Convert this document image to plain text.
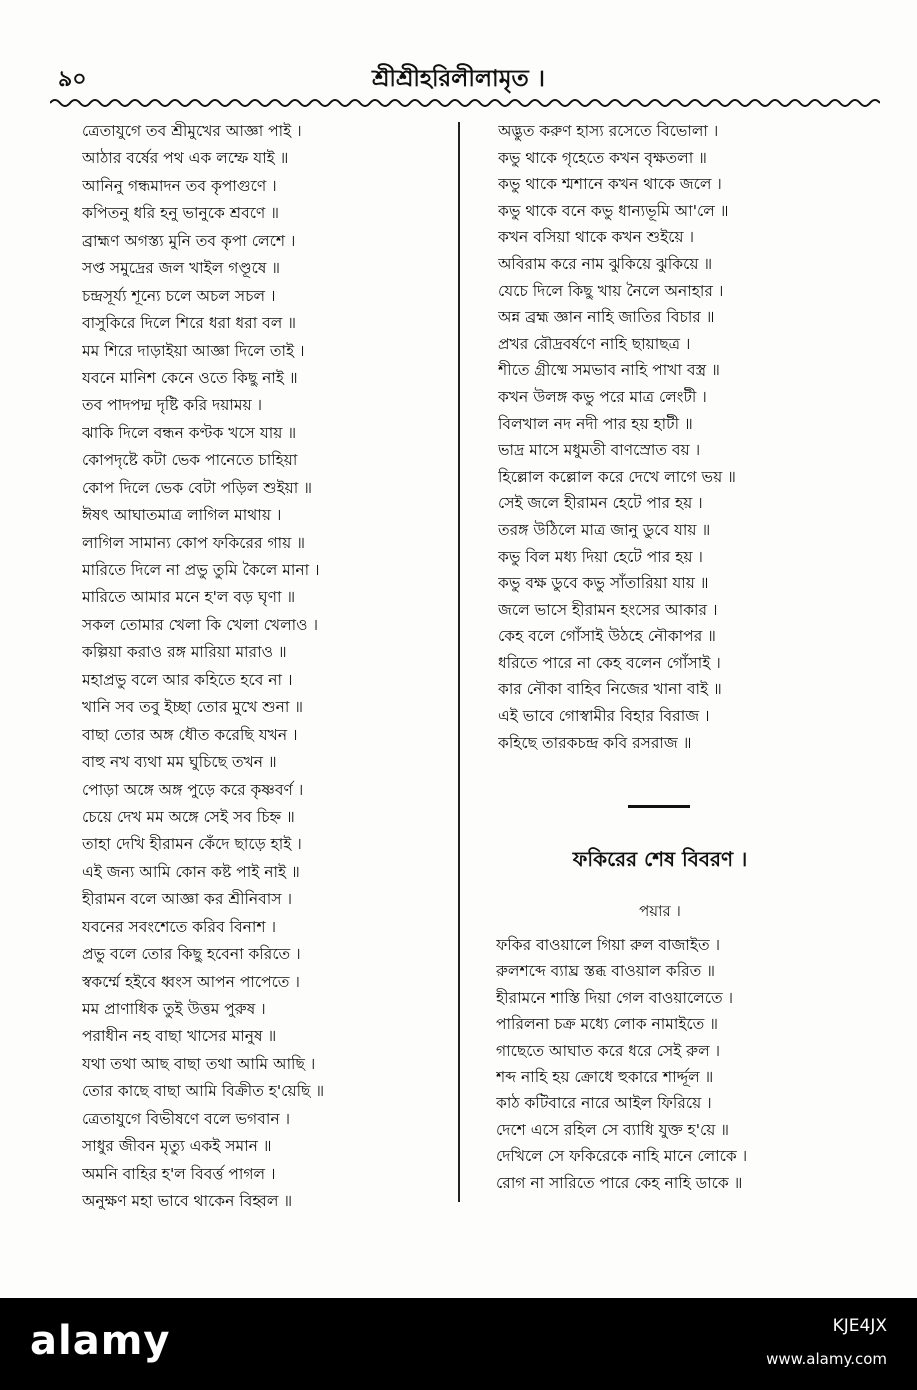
৯০	শ্রীশ্রীহরিলীলামৃত ।
ত্রেতাযুগে তব শ্রীমুখের আজ্ঞা পাই ।
আঠার বর্ষের পথ এক লম্ফে যাই ॥
আনিনু গন্ধমাদন তব কৃপাগুণে ।
কপিতনু ধরি হনু ভানুকে শ্রবণে ॥
ব্রাহ্মণ অগস্ত্য মুনি তব কৃপা লেশে ।
সপ্ত সমুদ্রের জল খাইল গণ্ডূষে ॥
চন্দ্রসূর্য্য শূন্যে চলে অচল সচল ।
বাসুকিরে দিলে শিরে ধরা ধরা বল ॥
মম শিরে দাড়াইয়া আজ্ঞা দিলে তাই ।
যবনে মানিশ কেনে ওতে কিছু নাই ॥
তব পাদপদ্ম দৃষ্টি করি দয়াময় ।
ঝাকি দিলে বন্ধন কণ্টক খসে যায় ॥
কোপদৃষ্টে কটা ভেক পানেতে চাহিয়া
কোপ দিলে ভেক বেটা পড়িল শুইয়া ॥
ঈষৎ আঘাতমাত্র লাগিল মাথায় ।
লাগিল সামান্য কোপ ফকিরের গায় ॥
মারিতে দিলে না প্রভু তুমি কৈলে মানা ।
মারিতে আমার মনে হ'ল বড় ঘৃণা ॥
সকল তোমার খেলা কি খেলা খেলাও ।
কল্পিয়া করাও রঙ্গ মারিয়া মারাও ॥
মহাপ্রভু বলে আর কহিতে হবে না ।
খানি সব তবু ইচ্ছা তোর মুখে শুনা ॥
বাছা তোর অঙ্গ ধৌত করেছি যখন ।
বাহু নখ ব্যথা মম ঘুচিছে তখন ॥
পোড়া অঙ্গে অঙ্গ পুড়ে করে কৃষ্ণবর্ণ ।
চেয়ে দেখ মম অঙ্গে সেই সব চিহ্ন ॥
তাহা দেখি হীরামন কেঁদে ছাড়ে হাই ।
এই জন্য আমি কোন কষ্ট পাই নাই ॥
হীরামন বলে আজ্ঞা কর শ্রীনিবাস ।
যবনের সবংশেতে করিব বিনাশ ।
প্রভু বলে তোর কিছু হবেনা করিতে ।
স্বকর্ম্মে হইবে ধ্বংস আপন পাপেতে ।
মম প্রাণাধিক তুই উত্তম পুরুষ ।
পরাধীন নহ বাছা খাসের মানুষ ॥
যথা তথা আছ বাছা তথা আমি আছি ।
তোর কাছে বাছা আমি বিক্রীত হ'য়েছি ॥
ত্রেতাযুগে বিভীষণে বলে ভগবান ।
সাধুর জীবন মৃত্যু একই সমান ॥
অমনি বাহির হ'ল বিবর্ত্ত পাগল ।
অনুক্ষণ মহা ভাবে থাকেন বিহ্বল ॥
অদ্ভুত করুণ হাস্য রসেতে বিভোলা ।
কভু থাকে গৃহেতে কখন বৃক্ষতলা ॥
কভু থাকে শ্মশানে কখন থাকে জলে ।
কভু থাকে বনে কভু ধান্যভূমি আ'লে ॥
কখন বসিয়া থাকে কখন শুইয়ে ।
অবিরাম করে নাম ঝুকিয়ে ঝুকিয়ে ॥
যেচে দিলে কিছু খায় নৈলে অনাহার ।
অন্ন ব্রহ্ম জ্ঞান নাহি জাতির বিচার ॥
প্রখর রৌদ্রবর্ষণে নাহি ছায়াছত্র ।
শীতে গ্রীষ্মে সমভাব নাহি পাখা বস্ত্র ॥
কখন উলঙ্গ কভু পরে মাত্র লেংটী ।
বিলখাল নদ নদী পার হয় হাটী ॥
ভাদ্র মাসে মধুমতী বাণস্রোত বয় ।
হিল্লোল কল্লোল করে দেখে লাগে ভয় ॥
সেই জলে হীরামন হেটে পার হয় ।
তরঙ্গ উঠিলে মাত্র জানু ডুবে যায় ॥
কভু বিল মধ্য দিয়া হেটে পার হয় ।
কভু বক্ষ ডুবে কভু সাঁতারিয়া যায় ॥
জলে ভাসে হীরামন হংসের আকার ।
কেহ বলে গোঁসাই উঠহে নৌকাপর ॥
ধরিতে পারে না কেহ বলেন গোঁসাই ।
কার নৌকা বাহিব নিজের খানা বাই ॥
এই ভাবে গোস্বামীর বিহার বিরাজ ।
কহিছে তারকচন্দ্র কবি রসরাজ ॥
ফকিরের শেষ বিবরণ ।
পয়ার ।
ফকির বাওয়ালে গিয়া রুল বাজাইত ।
রুলশব্দে ব্যাঘ্র স্তব্ধ বাওয়াল করিত ॥
হীরামনে শাস্তি দিয়া গেল বাওয়ালেতে ।
পারিলনা চক্র মধ্যে লোক নামাইতে ॥
গাছেতে আঘাত করে ধরে সেই রুল ।
শব্দ নাহি হয় ক্রোধে হুকারে শার্দ্দূল ॥
কাঠ কটিবারে নারে আইল ফিরিয়ে ।
দেশে এসে রহিল সে ব্যাধি যুক্ত হ'য়ে ॥
দেখিলে সে ফকিরেকে নাহি মানে লোকে ।
রোগ না সারিতে পারে কেহ নাহি ডাকে ॥
alamy	KJE4JX
www.alamy.com
